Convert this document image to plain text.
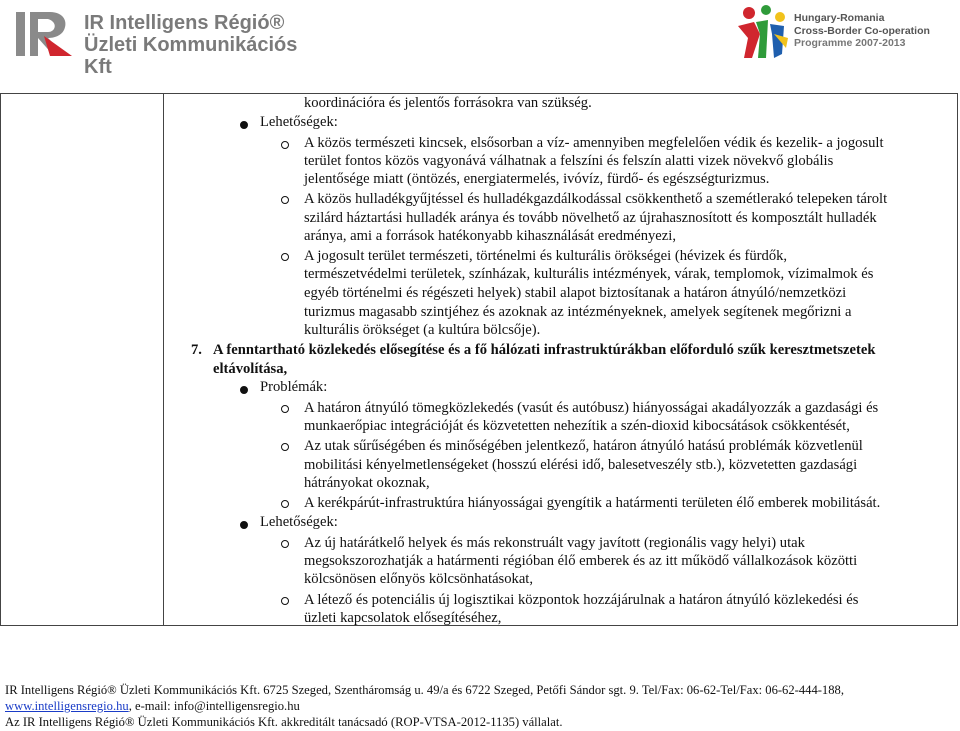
IR Intelligens Régió®
Üzleti Kommunikációs Kft
Hungary-Romania
Cross-Border Co-operation
Programme 2007-2013
koordinációra és jelentős forrásokra van szükség.
Lehetőségek:
A közös természeti kincsek, elsősorban a víz- amennyiben megfelelően védik és kezelik- a jogosult
terület fontos közös vagyonává válhatnak a felszíni és felszín alatti vizek növekvő globális
jelentősége miatt (öntözés, energiatermelés, ivóvíz, fürdő- és egészségturizmus.
A közös hulladékgyűjtéssel és hulladékgazdálkodással csökkenthető a szemétlerakó telepeken tárolt
szilárd háztartási hulladék aránya és tovább növelhető az újrahasznosított és komposztált hulladék
aránya, ami a források hatékonyabb kihasználását eredményezi,
A jogosult terület természeti, történelmi és kulturális örökségei (hévizek és fürdők,
természetvédelmi területek, színházak, kulturális intézmények, várak, templomok, vízimalmok és
egyéb történelmi és régészeti helyek) stabil alapot biztosítanak a határon átnyúló/nemzetközi
turizmus magasabb szintjéhez és azoknak az intézményeknek, amelyek segítenek megőrizni a
kulturális örökséget (a kultúra bölcsője).
7. A fenntartható közlekedés elősegítése és a fő hálózati infrastruktúrákban előforduló szűk keresztmetszetek
eltávolítása,
Problémák:
A határon átnyúló tömegközlekedés (vasút és autóbusz) hiányosságai akadályozzák a gazdasági és
munkaerőpiac integrációját és közvetetten nehezítik a szén-dioxid kibocsátások csökkentését,
Az utak sűrűségében és minőségében jelentkező, határon átnyúló hatású problémák közvetlenül
mobilitási kényelmetlenségeket (hosszú elérési idő, balesetveszély stb.), közvetetten gazdasági
hátrányokat okoznak,
A kerékpárút-infrastruktúra hiányosságai gyengítik a határmenti területen élő emberek mobilitását.
Lehetőségek:
Az új határátkelő helyek és más rekonstruált vagy javított (regionális vagy helyi) utak
megsokszorozhatják a határmenti régióban élő emberek és az itt működő vállalkozások közötti
kölcsönösen előnyös kölcsönhatásokat,
A létező és potenciális új logisztikai központok hozzájárulnak a határon átnyúló közlekedési és
üzleti kapcsolatok elősegítéséhez,
IR Intelligens Régió® Üzleti Kommunikációs Kft. 6725 Szeged, Szentháromság u. 49/a és 6722 Szeged, Petőfi Sándor sgt. 9. Tel/Fax: 06-62-Tel/Fax: 06-62-444-188,
www.intelligensregio.hu, e-mail: info@intelligensregio.hu
Az IR Intelligens Régió® Üzleti Kommunikációs Kft. akkreditált tanácsadó (ROP-VTSA-2012-1135) vállalat.
